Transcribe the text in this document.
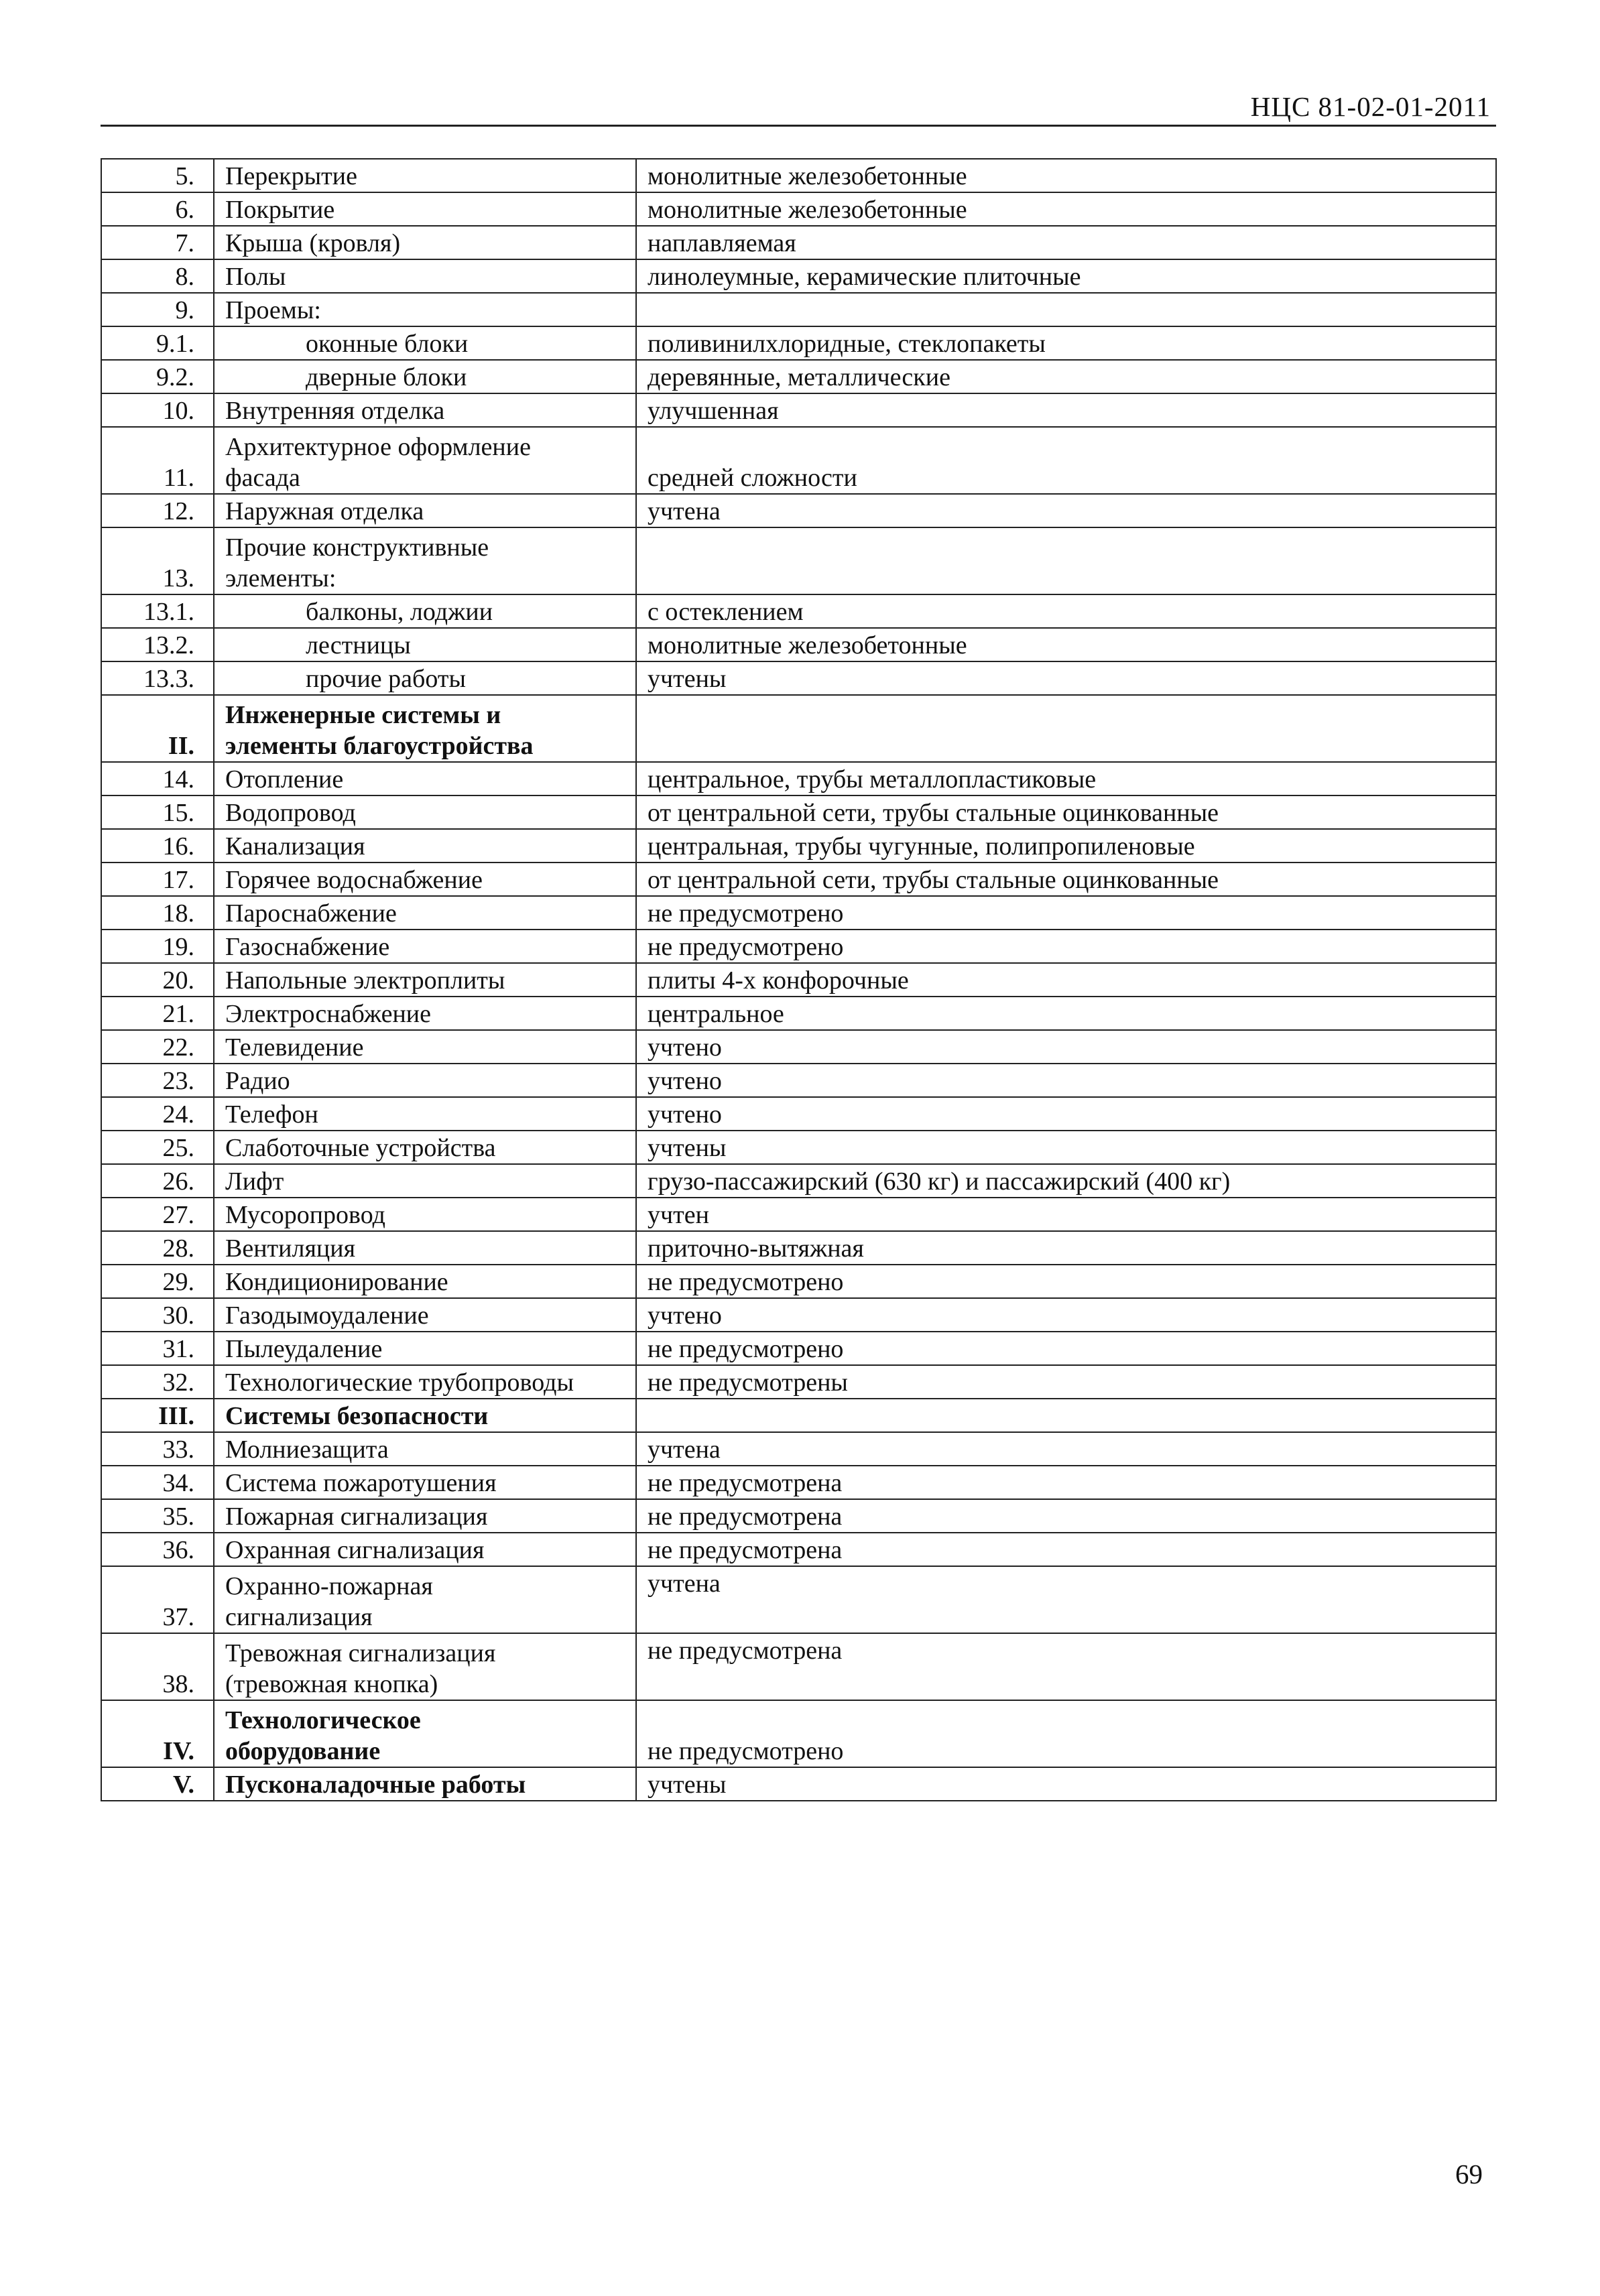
НЦС 81-02-01-2011
5.	Перекрытие	монолитные железобетонные
6.	Покрытие	монолитные железобетонные
7.	Крыша (кровля)	наплавляемая
8.	Полы	линолеумные, керамические плиточные
9.	Проемы:	

9.1.	оконные блоки	поливинилхлоридные, стеклопакеты
9.2.	дверные блоки	деревянные, металлические
10.	Внутренняя отделка	улучшенная
11.	Архитектурное оформление
фасада	средней сложности
12.	Наружная отделка	учтена
13.	Прочие конструктивные
элементы:	

13.1.	балконы, лоджии	с остеклением
13.2.	лестницы	монолитные железобетонные
13.3.	прочие работы	учтены
II.	Инженерные системы и
элементы благоустройства	

14.	Отопление	центральное, трубы металлопластиковые
15.	Водопровод	от центральной сети, трубы стальные оцинкованные
16.	Канализация	центральная, трубы чугунные, полипропиленовые
17.	Горячее водоснабжение	от центральной сети, трубы стальные оцинкованные
18.	Пароснабжение	не предусмотрено
19.	Газоснабжение	не предусмотрено
20.	Напольные электроплиты	плиты 4-х конфорочные
21.	Электроснабжение	центральное
22.	Телевидение	учтено
23.	Радио	учтено
24.	Телефон	учтено
25.	Слаботочные устройства	учтены
26.	Лифт	грузо-пассажирский (630 кг) и пассажирский (400 кг)
27.	Мусоропровод	учтен
28.	Вентиляция	приточно-вытяжная
29.	Кондиционирование	не предусмотрено
30.	Газодымоудаление	учтено
31.	Пылеудаление	не предусмотрено
32.	Технологические трубопроводы	не предусмотрены
III.	Системы безопасности	

33.	Молниезащита	учтена
34.	Система пожаротушения	не предусмотрена
35.	Пожарная сигнализация	не предусмотрена
36.	Охранная сигнализация	не предусмотрена
37.	Охранно-пожарная
сигнализация	учтена
38.	Тревожная сигнализация
(тревожная кнопка)	не предусмотрена
IV.	Технологическое
оборудование	не предусмотрено
V.	Пусконаладочные работы	учтены
69
